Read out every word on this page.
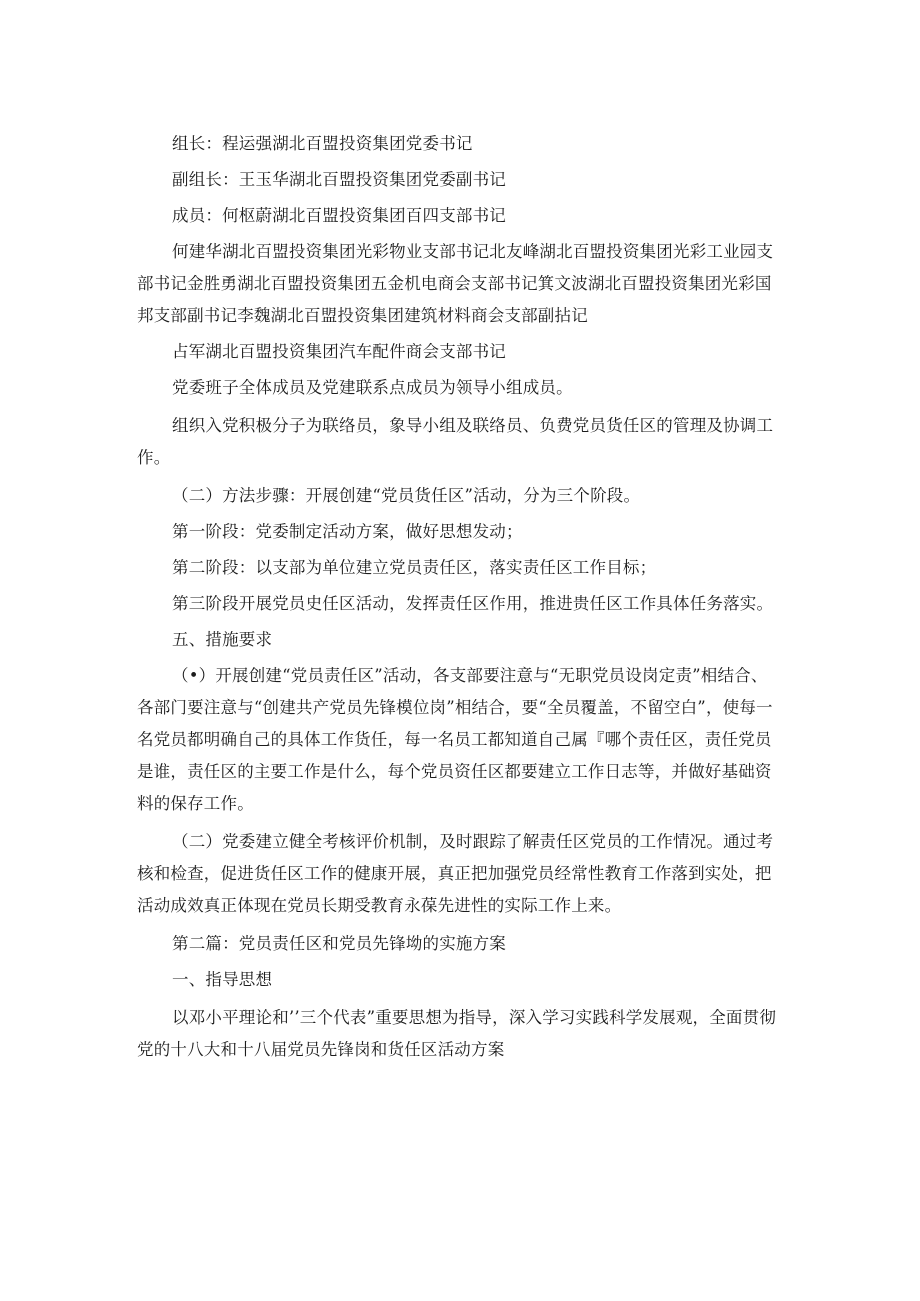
组长：程运强湖北百盟投资集团党委书记

副组长：王玉华湖北百盟投资集团党委副书记

成员：何枢蔚湖北百盟投资集团百四支部书记

何建华湖北百盟投资集团光彩物业支部书记北友峰湖北百盟投资集团光彩工业园支部书记金胜勇湖北百盟投资集团五金机电商会支部书记箕文波湖北百盟投资集团光彩国邦支部副书记李魏湖北百盟投资集团建筑材料商会支部副拈记

占军湖北百盟投资集团汽车配件商会支部书记

党委班子全体成员及党建联系点成员为领导小组成员。

组织入党积极分子为联络员，象导小组及联络员、负费党员货任区的管理及协调工作。

（二）方法步骤：开展创建“党员货任区”活动，分为三个阶段。

第一阶段：党委制定活动方案，做好思想发动；

第二阶段：以支部为单位建立党员责任区，落实责任区工作目标；

第三阶段开展党员史任区活动，发挥责任区作用，推进贵任区工作具体任务落实。

五、措施要求

（•）开展创建“党员责任区”活动，各支部要注意与“无职党员设岗定责”相结合、各部门要注意与“创建共产党员先锋模位岗”相结合，要“全员覆盖，不留空白”，使每一名党员都明确自己的具体工作货任，每一名员工都知道自己属『哪个责任区，责任党员是谁，责任区的主要工作是什么，每个党员资任区都要建立工作日志等，并做好基础资料的保存工作。

（二）党委建立健全考核评价机制，及时跟踪了解责任区党员的工作情况。通过考核和检查，促进货任区工作的健康开展，真正把加强党员经常性教育工作落到实处，把活动成效真正体现在党员长期受教育永葆先进性的实际工作上来。

第二篇：党员责任区和党员先锋坳的实施方案

一、指导思想

以邓小平理论和’’三个代表”重要思想为指导，深入学习实践科学发展观，全面贯彻党的十八大和十八届党员先锋岗和货任区活动方案
